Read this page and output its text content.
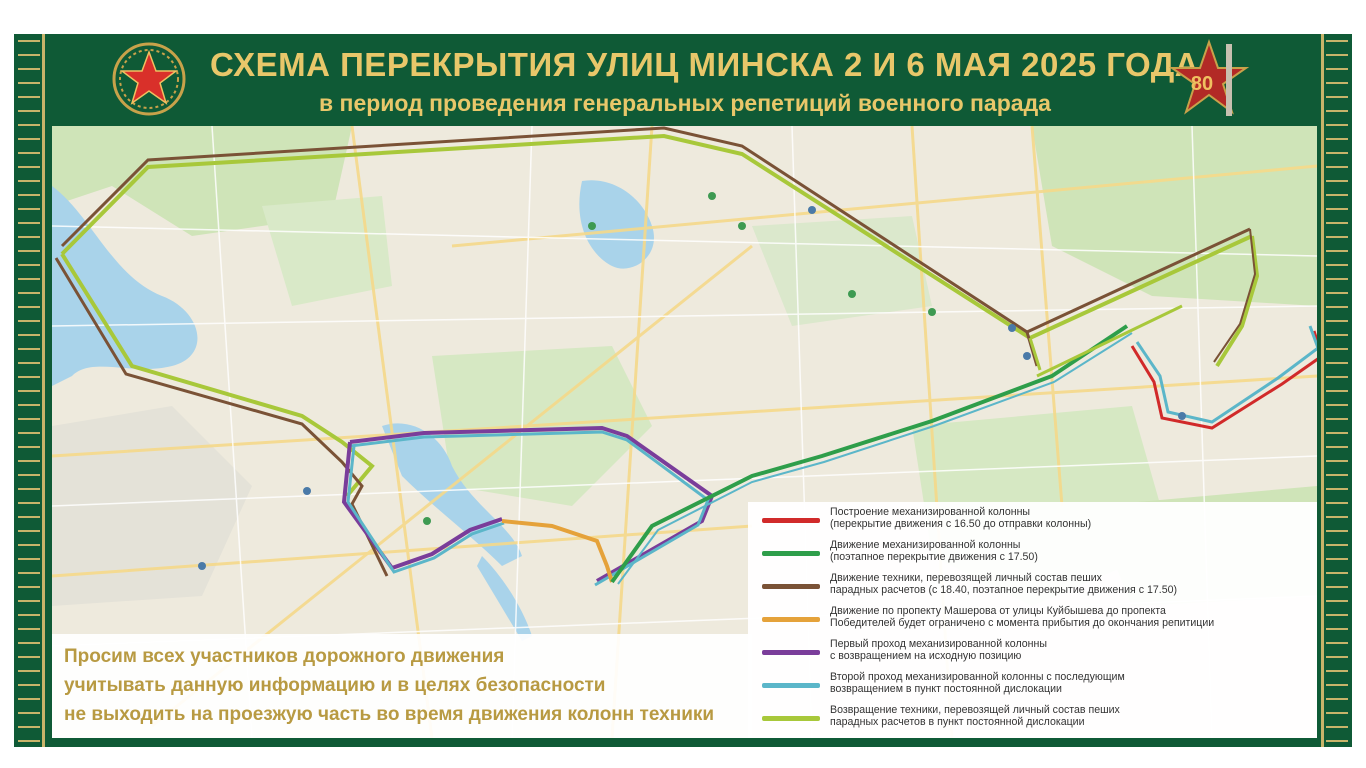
СХЕМА ПЕРЕКРЫТИЯ УЛИЦ МИНСКА 2 И 6 МАЯ 2025 ГОДА
в период проведения генеральных репетиций военного парада
80
Просим всех участников дорожного движения
учитывать данную информацию и в целях безопасности
не выходить на проезжую часть во время движения колонн техники
Построение механизированной колонны
(перекрытие движения с 16.50 до отправки колонны)
Движение механизированной колонны
(поэтапное перекрытие движения с 17.50)
Движение техники, перевозящей личный состав пеших
парадных расчетов (с 18.40, поэтапное перекрытие движения с 17.50)
Движение по пропекту Машерова от улицы Куйбышева до пропекта
Победителей будет ограничено с момента прибытия до окончания репитиции
Первый проход механизированной колонны
с возвращением на исходную позицию
Второй проход механизированной колонны с последующим
возвращением в пункт постоянной дислокации
Возвращение техники, перевозящей личный состав пеших
парадных расчетов в пункт постоянной дислокации
